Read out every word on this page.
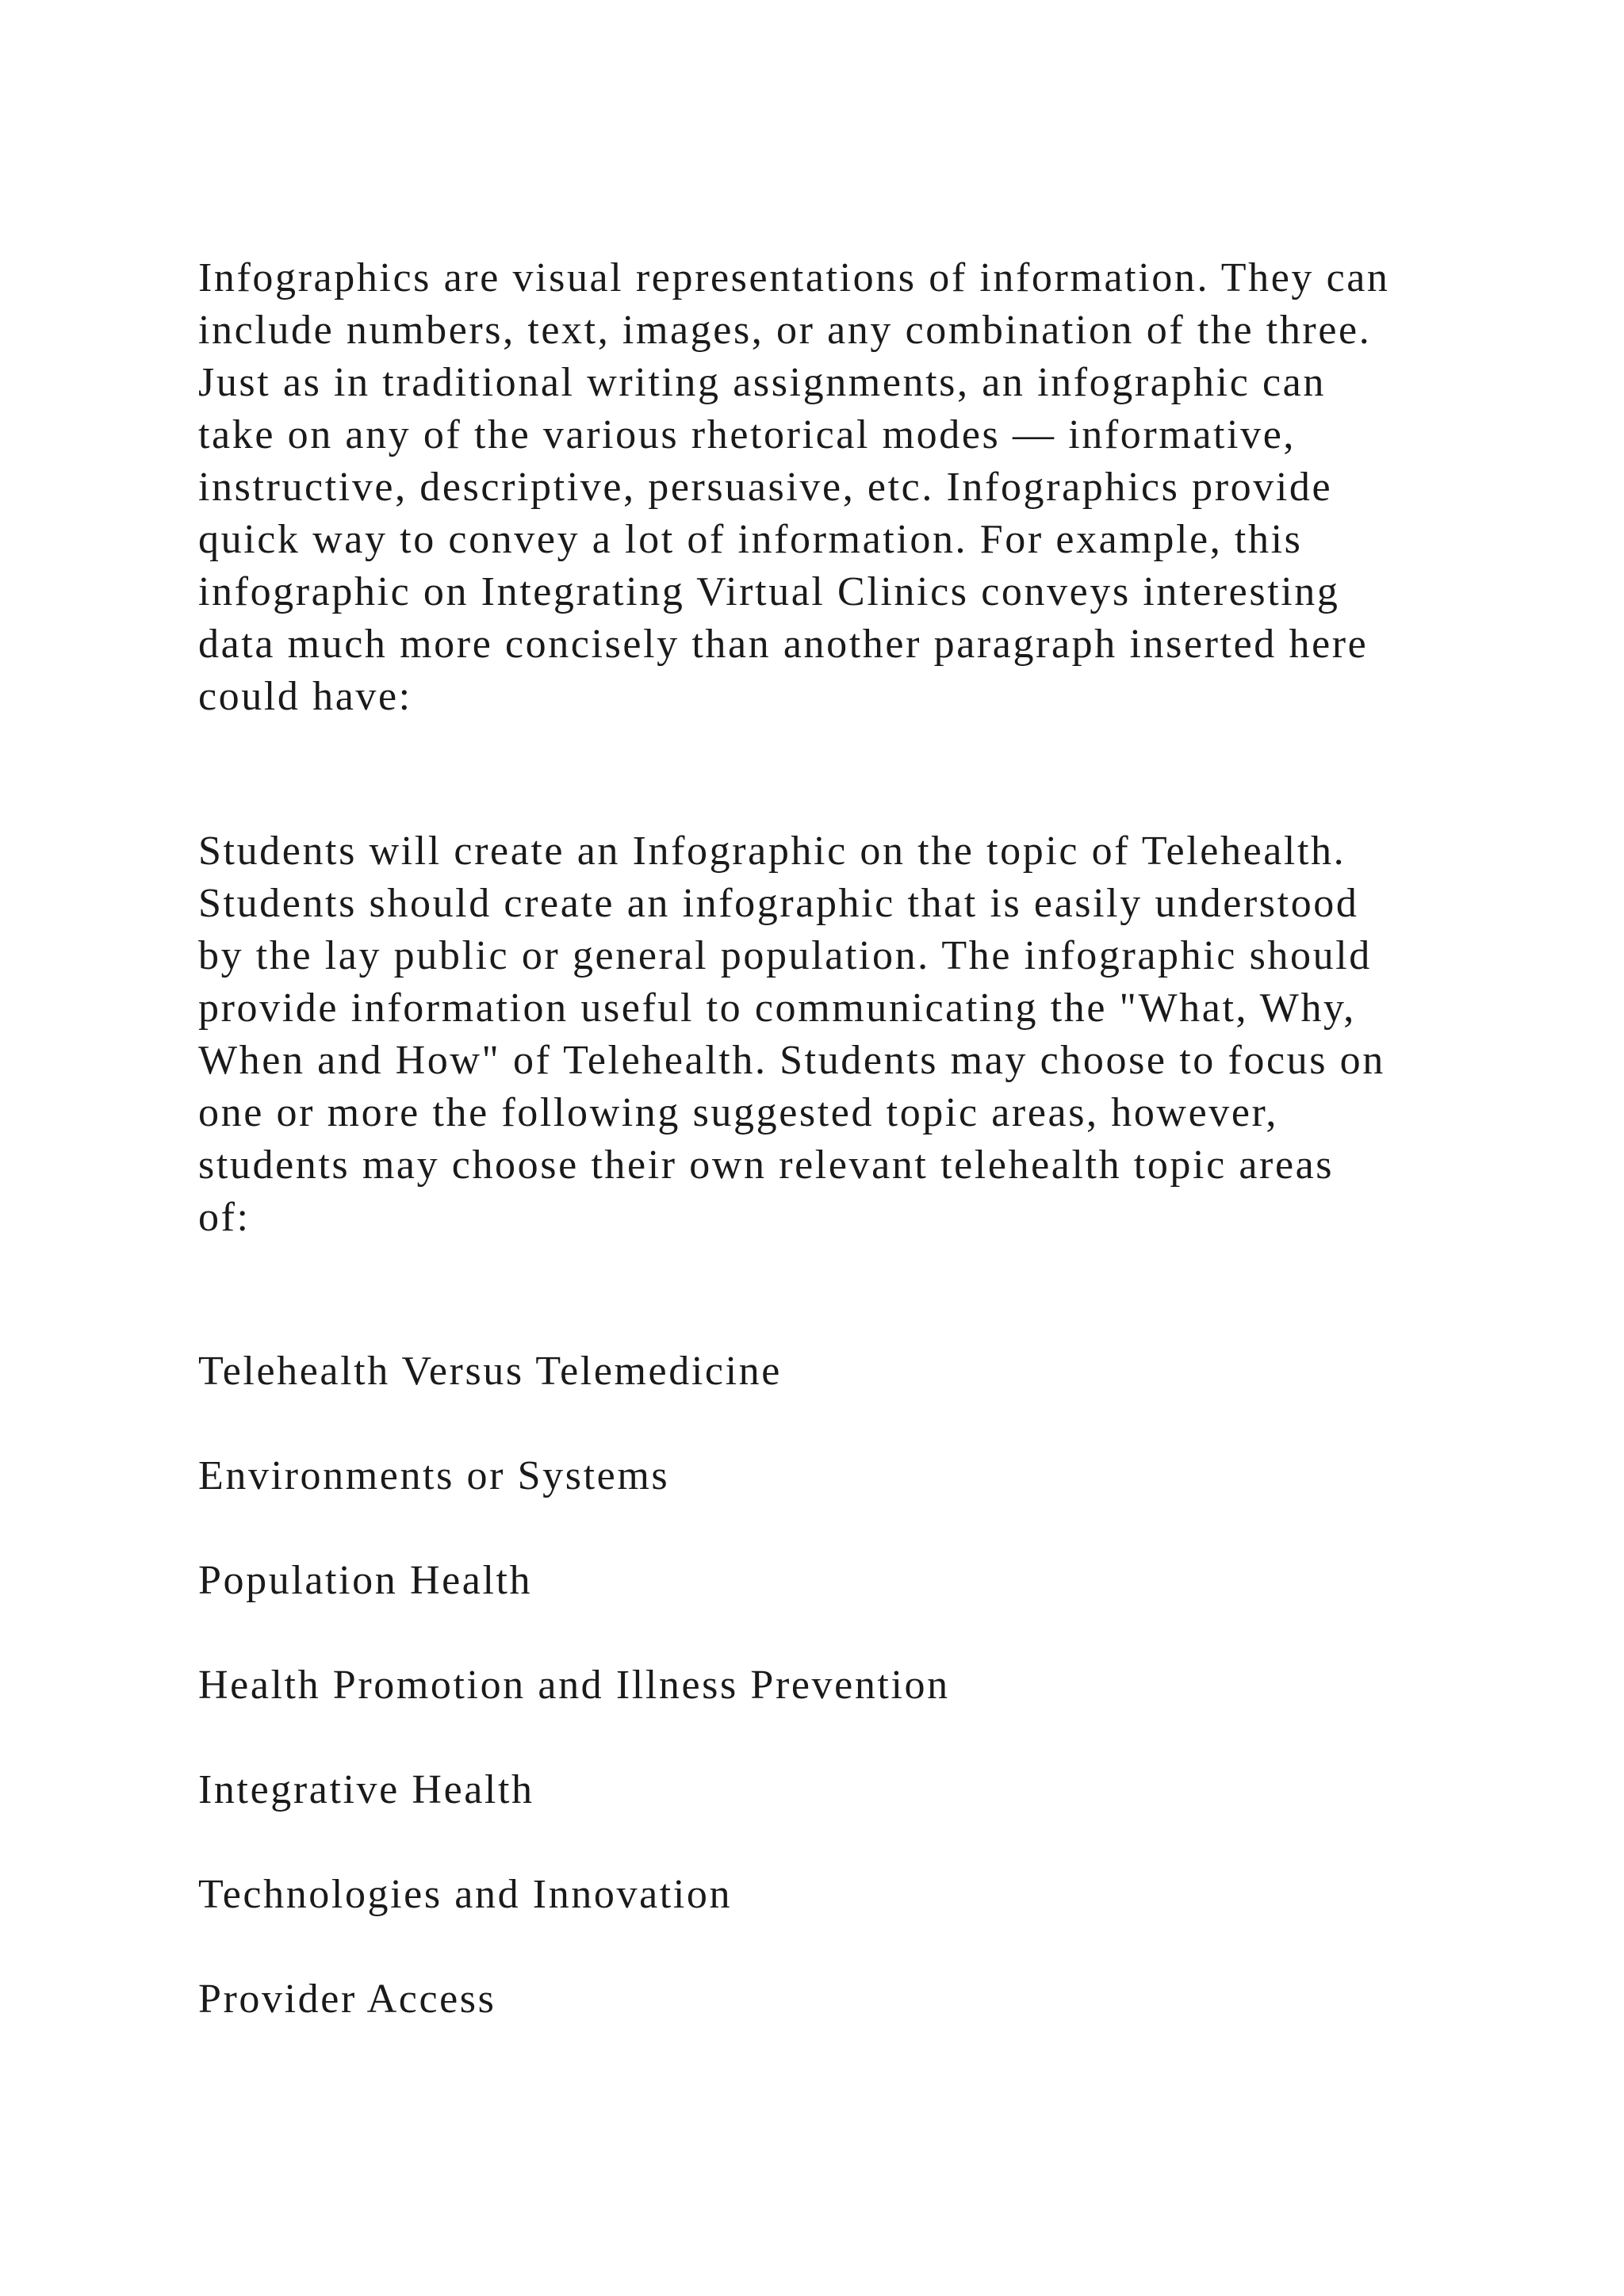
Infographics are visual representations of information. They can
include numbers, text, images, or any combination of the three.
Just as in traditional writing assignments, an infographic can
take on any of the various rhetorical modes — informative,
instructive, descriptive, persuasive, etc. Infographics provide
quick way to convey a lot of information. For example, this
infographic on Integrating Virtual Clinics conveys interesting
data much more concisely than another paragraph inserted here
could have:
Students will create an Infographic on the topic of Telehealth.
Students should create an infographic that is easily understood
by the lay public or general population. The infographic should
provide information useful to communicating the "What, Why,
When and How" of Telehealth. Students may choose to focus on
one or more the following suggested topic areas, however,
students may choose their own relevant telehealth topic areas
of:
Telehealth Versus Telemedicine
Environments or Systems
Population Health
Health Promotion and Illness Prevention
Integrative Health
Technologies and Innovation
Provider Access
